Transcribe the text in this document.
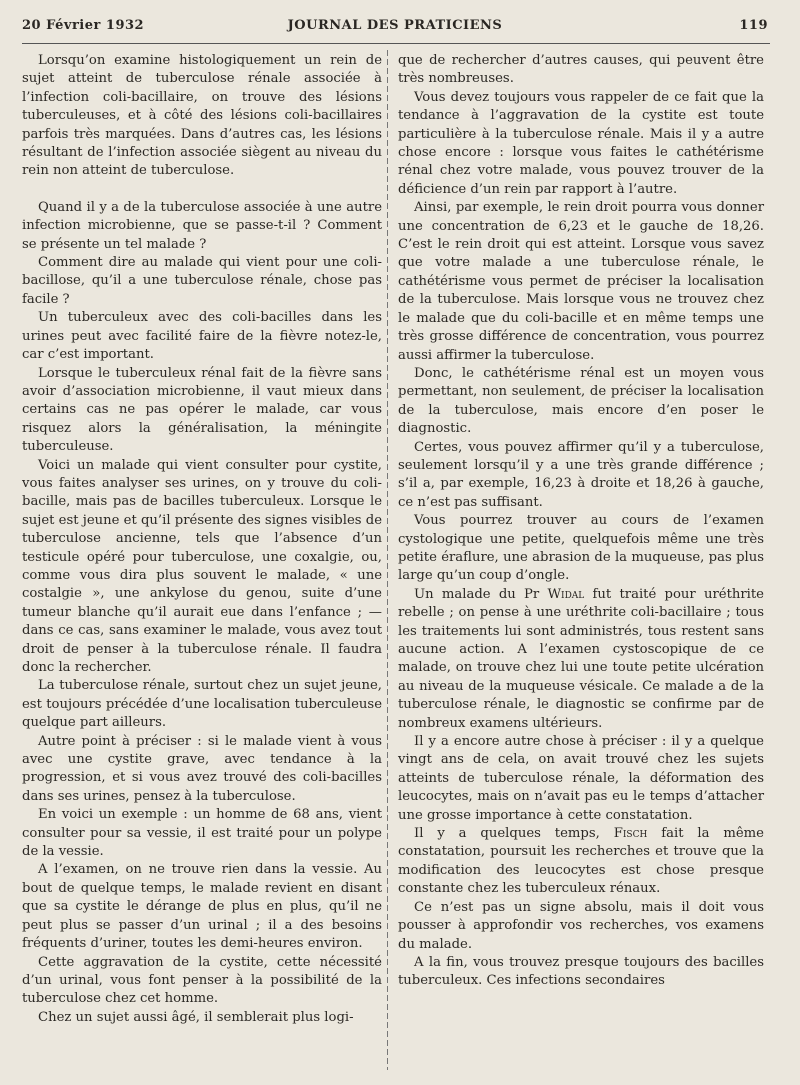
20 Février 1932	JOURNAL DES PRATICIENS	119

Lorsqu’on examine histologiquement un rein de sujet atteint de tuberculose rénale associée à l’infection coli-bacillaire, on trouve des lésions tuberculeuses, et à côté des lésions coli-bacillaires parfois très marquées. Dans d’autres cas, les lésions résultant de l’infection associée siègent au niveau du rein non atteint de tuberculose.

Quand il y a de la tuberculose associée à une autre infection microbienne, que se passe-t-il ? Comment se présente un tel malade ?

Comment dire au malade qui vient pour une coli-bacillose, qu’il a une tuberculose rénale, chose pas facile ?

Un tuberculeux avec des coli-bacilles dans les urines peut avec facilité faire de la fièvre notez-le, car c’est important.

Lorsque le tuberculeux rénal fait de la fièvre sans avoir d’association microbienne, il vaut mieux dans certains cas ne pas opérer le malade, car vous risquez alors la généralisation, la méningite tuberculeuse.

Voici un malade qui vient consulter pour cystite, vous faites analyser ses urines, on y trouve du coli-bacille, mais pas de bacilles tuberculeux. Lorsque le sujet est jeune et qu’il présente des signes visibles de tuberculose ancienne, tels que l’absence d’un testicule opéré pour tuberculose, une coxalgie, ou, comme vous dira plus souvent le malade, « une costalgie », une ankylose du genou, suite d’une tumeur blanche qu’il aurait eue dans l’enfance ; — dans ce cas, sans examiner le malade, vous avez tout droit de penser à la tuberculose rénale. Il faudra donc la rechercher.

La tuberculose rénale, surtout chez un sujet jeune, est toujours précédée d’une localisation tuberculeuse quelque part ailleurs.

Autre point à préciser : si le malade vient à vous avec une cystite grave, avec tendance à la progression, et si vous avez trouvé des coli-bacilles dans ses urines, pensez à la tuberculose.

En voici un exemple : un homme de 68 ans, vient consulter pour sa vessie, il est traité pour un polype de la vessie.

A l’examen, on ne trouve rien dans la vessie. Au bout de quelque temps, le malade revient en disant que sa cystite le dérange de plus en plus, qu’il ne peut plus se passer d’un urinal ; il a des besoins fréquents d’uriner, toutes les demi-heures environ.

Cette aggravation de la cystite, cette nécessité d’un urinal, vous font penser à la possibilité de la tuberculose chez cet homme.

Chez un sujet aussi âgé, il semblerait plus logi-

que de rechercher d’autres causes, qui peuvent être très nombreuses.

Vous devez toujours vous rappeler de ce fait que la tendance à l’aggravation de la cystite est toute particulière à la tuberculose rénale. Mais il y a autre chose encore : lorsque vous faites le cathétérisme rénal chez votre malade, vous pouvez trouver de la déficience d’un rein par rapport à l’autre.

Ainsi, par exemple, le rein droit pourra vous donner une concentration de 6,23 et le gauche de 18,26. C’est le rein droit qui est atteint. Lorsque vous savez que votre malade a une tuberculose rénale, le cathétérisme vous permet de préciser la localisation de la tuberculose. Mais lorsque vous ne trouvez chez le malade que du coli-bacille et en même temps une très grosse différence de concentration, vous pourrez aussi affirmer la tuberculose.

Donc, le cathétérisme rénal est un moyen vous permettant, non seulement, de préciser la localisation de la tuberculose, mais encore d’en poser le diagnostic.

Certes, vous pouvez affirmer qu’il y a tuberculose, seulement lorsqu’il y a une très grande différence ; s’il a, par exemple, 16,23 à droite et 18,26 à gauche, ce n’est pas suffisant.

Vous pourrez trouver au cours de l’examen cystologique une petite, quelquefois même une très petite éraflure, une abrasion de la muqueuse, pas plus large qu’un coup d’ongle.

Un malade du Pr Widal fut traité pour uréthrite rebelle ; on pense à une uréthrite coli-bacillaire ; tous les traitements lui sont administrés, tous restent sans aucune action. A l’examen cystoscopique de ce malade, on trouve chez lui une toute petite ulcération au niveau de la muqueuse vésicale. Ce malade a de la tuberculose rénale, le diagnostic se confirme par de nombreux examens ultérieurs.

Il y a encore autre chose à préciser : il y a quelque vingt ans de cela, on avait trouvé chez les sujets atteints de tuberculose rénale, la déformation des leucocytes, mais on n’avait pas eu le temps d’attacher une grosse importance à cette constatation.

Il y a quelques temps, Fisch fait la même constatation, poursuit les recherches et trouve que la modification des leucocytes est chose presque constante chez les tuberculeux rénaux.

Ce n’est pas un signe absolu, mais il doit vous pousser à approfondir vos recherches, vos examens du malade.

A la fin, vous trouvez presque toujours des bacilles tuberculeux. Ces infections secondaires
